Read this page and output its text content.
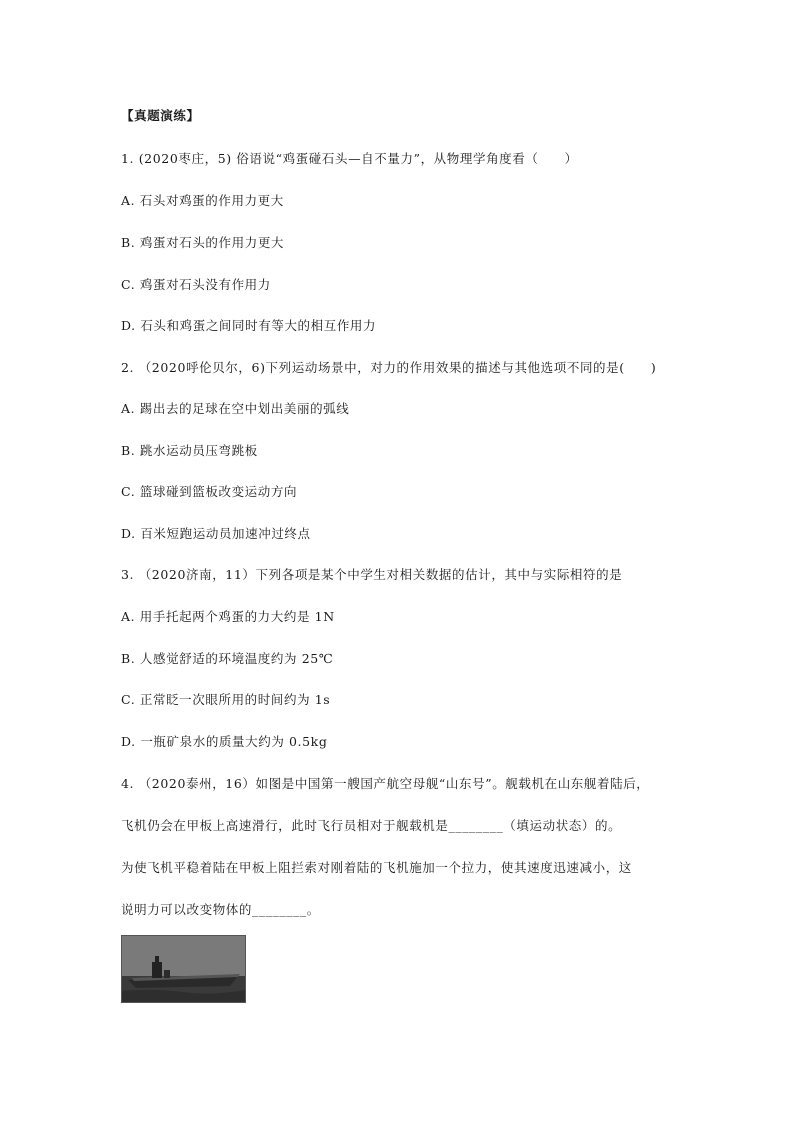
【真题演练】
1. (2020枣庄，5) 俗语说“鸡蛋碰石头—自不量力”，从物理学角度看（　　）
A. 石头对鸡蛋的作用力更大
B. 鸡蛋对石头的作用力更大
C. 鸡蛋对石头没有作用力
D. 石头和鸡蛋之间同时有等大的相互作用力
2. （2020呼伦贝尔，6)下列运动场景中，对力的作用效果的描述与其他选项不同的是(　　)
A. 踢出去的足球在空中划出美丽的弧线
B. 跳水运动员压弯跳板
C. 篮球碰到篮板改变运动方向
D. 百米短跑运动员加速冲过终点
3. （2020济南，11）下列各项是某个中学生对相关数据的估计，其中与实际相符的是
A. 用手托起两个鸡蛋的力大约是 1N
B. 人感觉舒适的环境温度约为 25℃
C. 正常眨一次眼所用的时间约为 1s
D. 一瓶矿泉水的质量大约为 0.5kg
4. （2020泰州，16）如图是中国第一艘国产航空母舰“山东号”。舰载机在山东舰着陆后，
飞机仍会在甲板上高速滑行，此时飞行员相对于舰载机是________（填运动状态）的。
为使飞机平稳着陆在甲板上阻拦索对刚着陆的飞机施加一个拉力，使其速度迅速减小，这
说明力可以改变物体的________。
